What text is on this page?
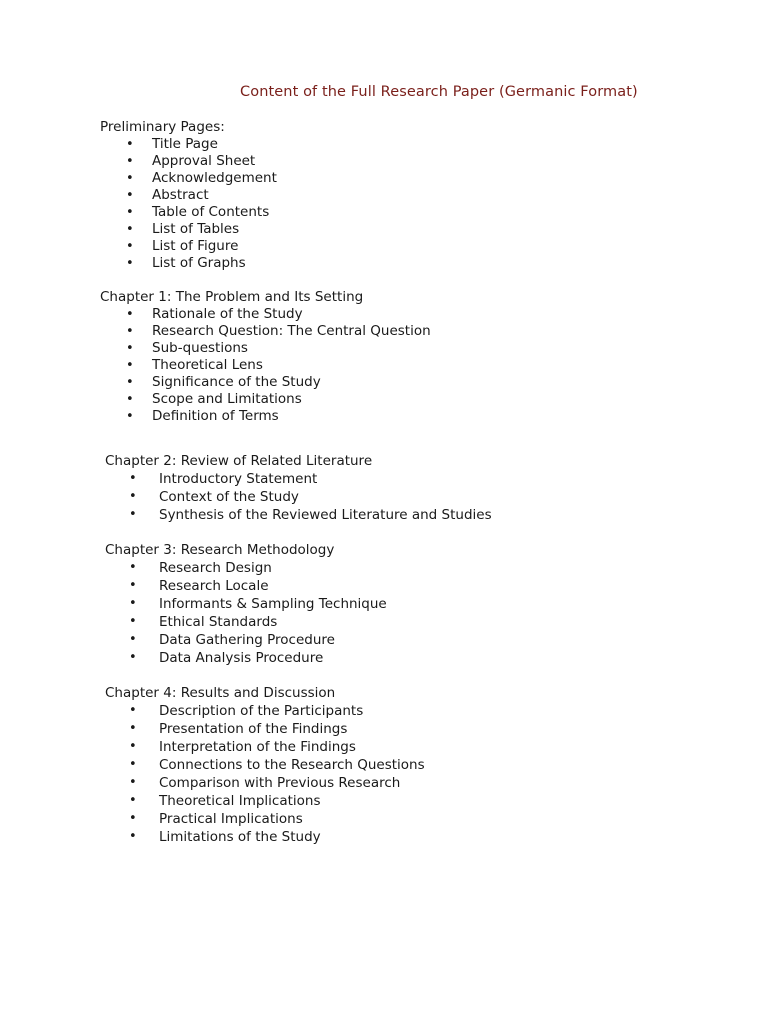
Content of the Full Research Paper (Germanic Format)
Preliminary Pages:
• Title Page
• Approval Sheet
• Acknowledgement
• Abstract
• Table of Contents
• List of Tables
• List of Figure
• List of Graphs
Chapter 1: The Problem and Its Setting
• Rationale of the Study
• Research Question: The Central Question
• Sub-questions
• Theoretical Lens
• Significance of the Study
• Scope and Limitations
• Definition of Terms
Chapter 2: Review of Related Literature
• Introductory Statement
• Context of the Study
• Synthesis of the Reviewed Literature and Studies
Chapter 3: Research Methodology
• Research Design
• Research Locale
• Informants & Sampling Technique
• Ethical Standards
• Data Gathering Procedure
• Data Analysis Procedure
Chapter 4: Results and Discussion
• Description of the Participants
• Presentation of the Findings
• Interpretation of the Findings
• Connections to the Research Questions
• Comparison with Previous Research
• Theoretical Implications
• Practical Implications
• Limitations of the Study
